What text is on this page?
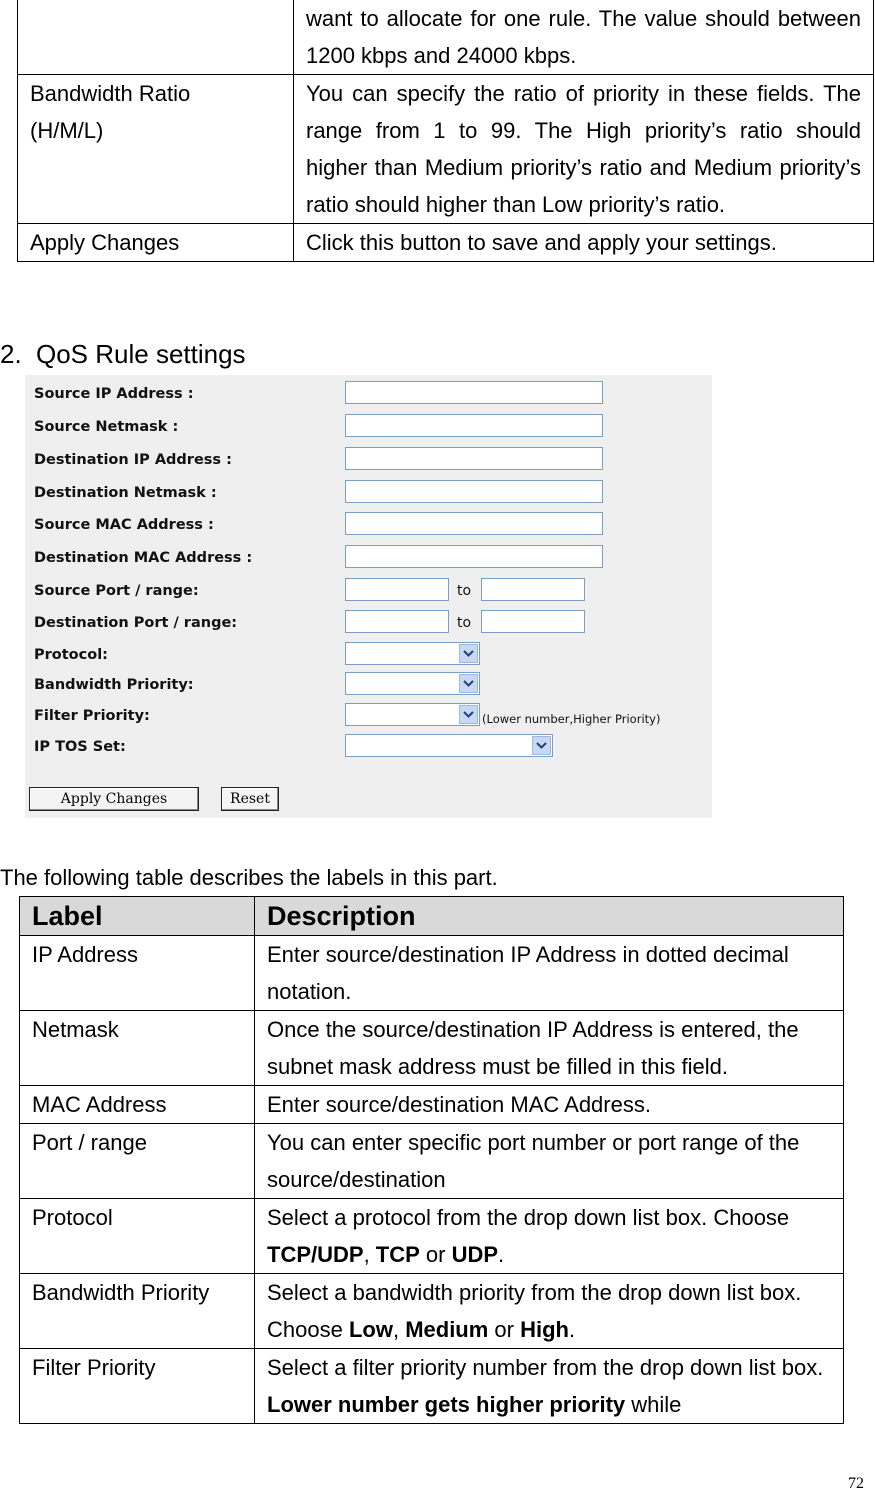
	want to allocate for one rule. The value should between 1200 kbps and 24000 kbps.

Bandwidth Ratio (H/M/L)	You can specify the ratio of priority in these fields. The range from 1 to 99. The High priority’s ratio should higher than Medium priority’s ratio and Medium priority’s ratio should higher than Low priority’s ratio.
Apply Changes	Click this button to save and apply your settings.
2. QoS Rule settings
Source IP Address :
Source Netmask :
Destination IP Address :
Destination Netmask :
Source MAC Address :
Destination MAC Address :
Source Port / range:	to
Destination Port / range:	to
Protocol:
Bandwidth Priority:
Filter Priority:	(Lower number,Higher Priority)
IP TOS Set:
Apply Changes	Reset
The following table describes the labels in this part.
Label	Description
IP Address	Enter source/destination IP Address in dotted decimal notation.
Netmask	Once the source/destination IP Address is entered, the subnet mask address must be filled in this field.
MAC Address	Enter source/destination MAC Address.
Port / range	You can enter specific port number or port range of the source/destination
Protocol	Select a protocol from the drop down list box. Choose TCP/UDP, TCP or UDP.
Bandwidth Priority	Select a bandwidth priority from the drop down list box. Choose Low, Medium or High.
Filter Priority	Select a filter priority number from the drop down list box. Lower number gets higher priority while
72
